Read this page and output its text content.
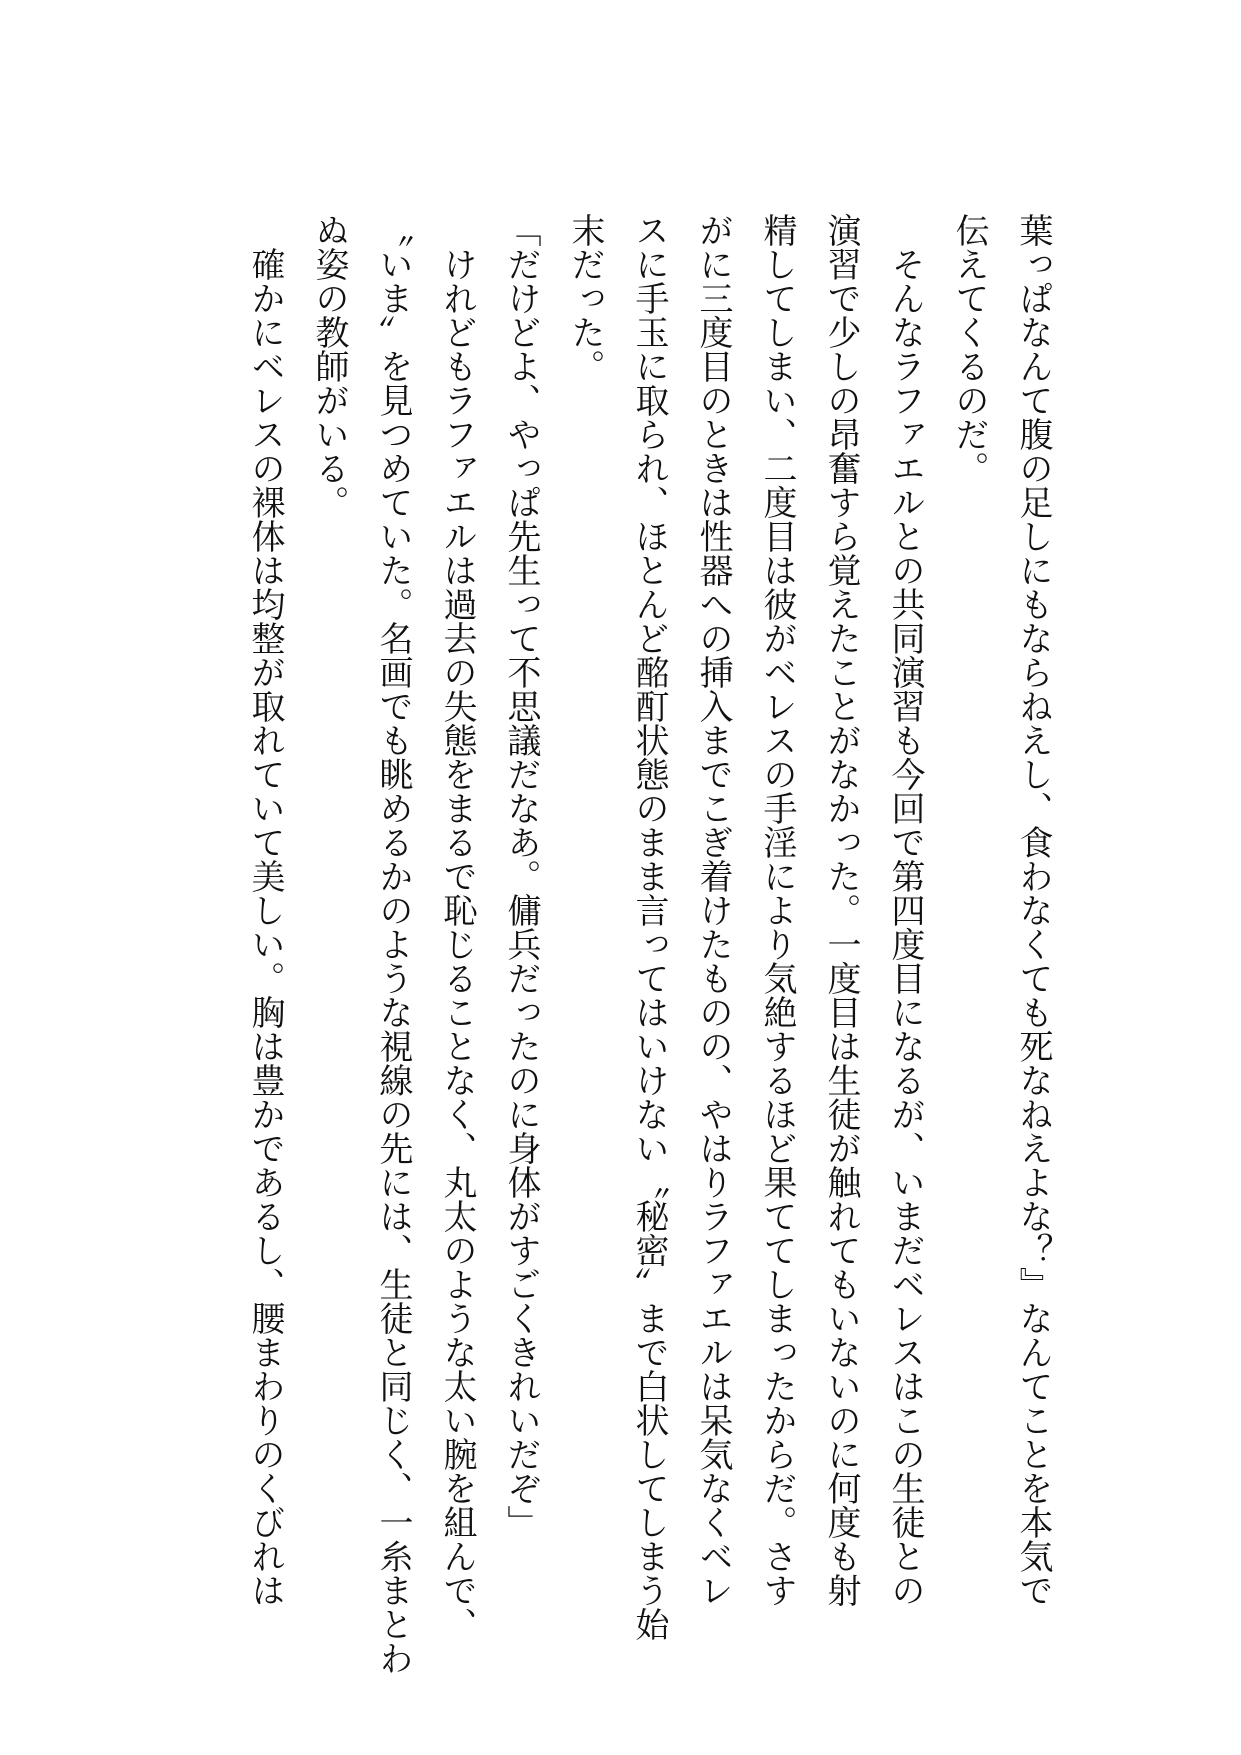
葉っぱなんて腹の足しにもならねえし、食わなくても死なねえよな？』なんてことを本気で
伝えてくるのだ。
　そんなラファエルとの共同演習も今回で第四度目になるが、いまだベレスはこの生徒との
演習で少しの昂奮すら覚えたことがなかった。一度目は生徒が触れてもいないのに何度も射
精してしまい、二度目は彼がベレスの手淫により気絶するほど果ててしまったからだ。さす
がに三度目のときは性器への挿入までこぎ着けたものの、やはりラファエルは呆気なくベレ
スに手玉に取られ、ほとんど酩酊状態のまま言ってはいけない〝秘密〟まで白状してしまう始
末だった。
「だけどよ、やっぱ先生って不思議だなあ。傭兵だったのに身体がすごくきれいだぞ」
　けれどもラファエルは過去の失態をまるで恥じることなく、丸太のような太い腕を組んで、
〝いま〟を見つめていた。名画でも眺めるかのような視線の先には、生徒と同じく、一糸まとわ
ぬ姿の教師がいる。
　確かにベレスの裸体は均整が取れていて美しい。胸は豊かであるし、腰まわりのくびれは
